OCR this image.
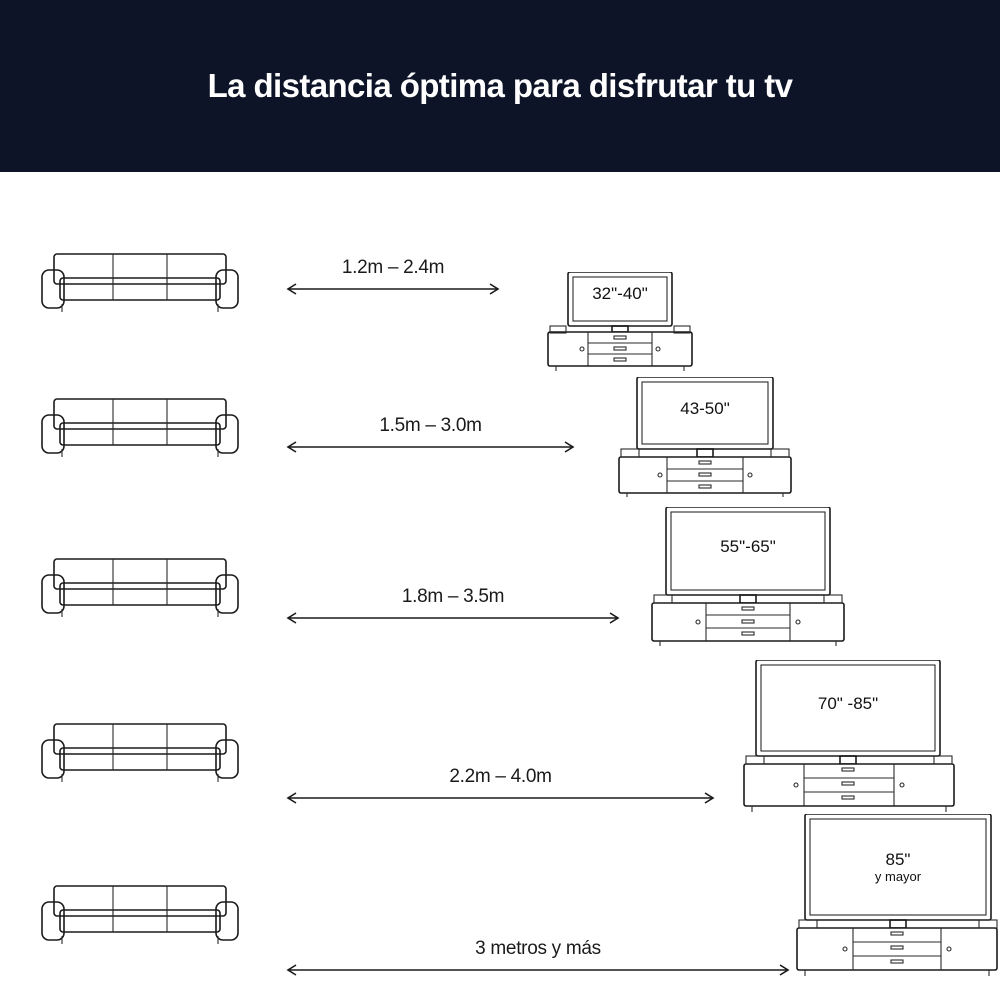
La distancia óptima para disfrutar tu tv
1.2m – 2.4m
32"-40"
1.5m – 3.0m
43-50"
1.8m – 3.5m
55"-65"
2.2m – 4.0m
70" -85"
3 metros y más
85"
y mayor
